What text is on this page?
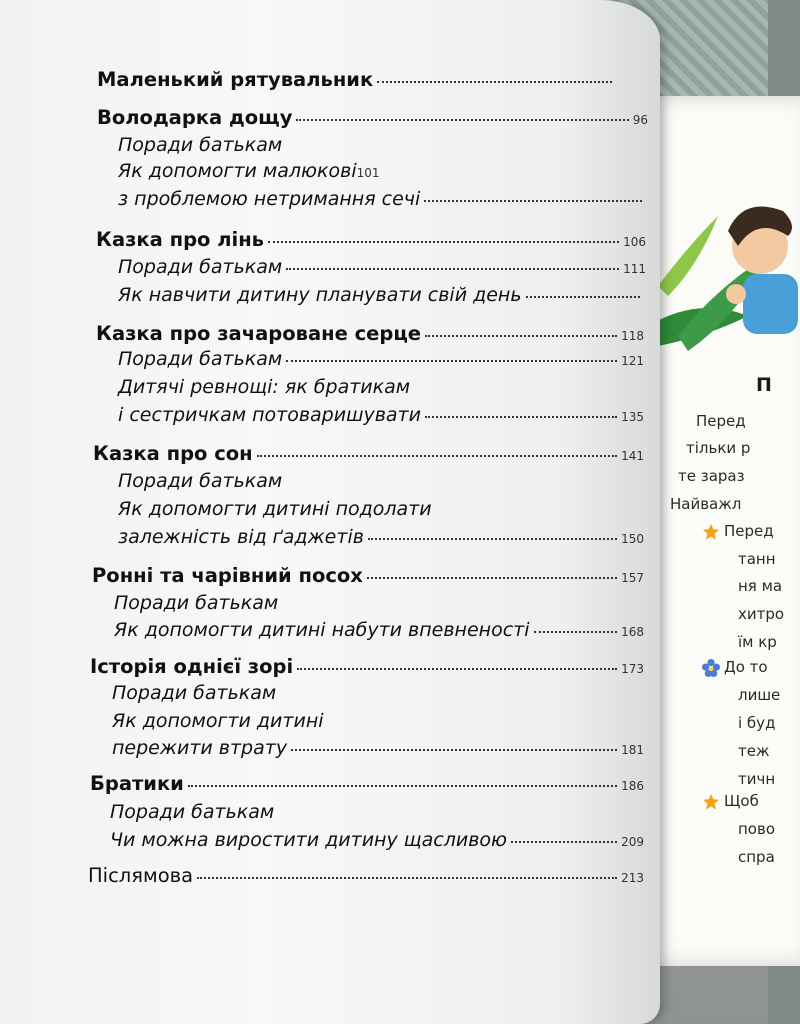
П
Перед
тільки р
те зараз
Найважл
Перед
танн
ня ма
хитро
їм кр
До то
лише
і буд
теж
тичн
Щоб
пово
спра
Маленький рятувальник
Володарка дощу	96
Поради батькам
Як допомогти малюкові 101
з проблемою нетримання сечі
Казка про лінь	106
Поради батькам	111
Як навчити дитину планувати свій день
Казка про зачароване серце	118
Поради батькам	121
Дитячі ревнощі: як братикам
і сестричкам потоваришувати	135
Казка про сон	141
Поради батькам
Як допомогти дитині подолати
залежність від ґаджетів	150
Ронні та чарівний посох	157
Поради батькам
Як допомогти дитині набути впевненості	168
Історія однієї зорі	173
Поради батькам
Як допомогти дитині
пережити втрату	181
Братики	186
Поради батькам
Чи можна виростити дитину щасливою	209
Післямова	213
